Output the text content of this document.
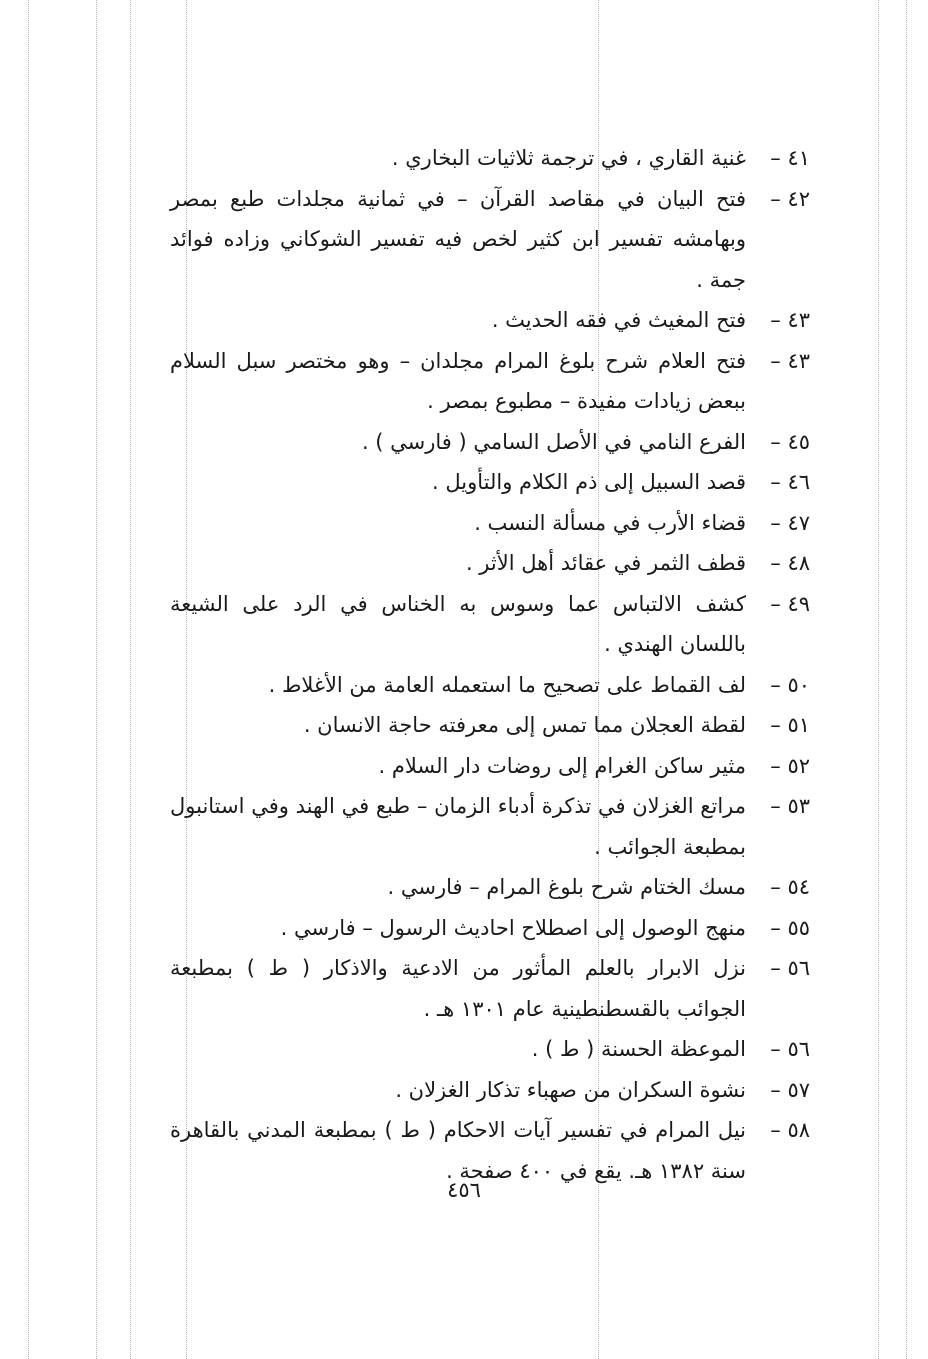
٤١ –
غنية القاري ، في ترجمة ثلاثيات البخاري .
٤٢ –
فتح البيان في مقاصد القرآن – في ثمانية مجلدات طبع بمصر وبهامشه تفسير ابن كثير لخص فيه تفسير الشوكاني وزاده فوائد جمة .
٤٣ –
فتح المغيث في فقه الحديث .
٤٣ –
فتح العلام شرح بلوغ المرام مجلدان – وهو مختصر سبل السلام ببعض زيادات مفيدة – مطبوع بمصر .
٤٥ –
الفرع النامي في الأصل السامي ( فارسي ) .
٤٦ –
قصد السبيل إلى ذم الكلام والتأويل .
٤٧ –
قضاء الأرب في مسألة النسب .
٤٨ –
قطف الثمر في عقائد أهل الأثر .
٤٩ –
كشف الالتباس عما وسوس به الخناس في الرد على الشيعة باللسان الهندي .
٥٠ –
لف القماط على تصحيح ما استعمله العامة من الأغلاط .
٥١ –
لقطة العجلان مما تمس إلى معرفته حاجة الانسان .
٥٢ –
مثير ساكن الغرام إلى روضات دار السلام .
٥٣ –
مراتع الغزلان في تذكرة أدباء الزمان – طبع في الهند وفي استانبول بمطبعة الجوائب .
٥٤ –
مسك الختام شرح بلوغ المرام – فارسي .
٥٥ –
منهج الوصول إلى اصطلاح احاديث الرسول – فارسي .
٥٦ –
نزل الابرار بالعلم المأثور من الادعية والاذكار ( ط ) بمطبعة الجوائب بالقسطنطينية عام ١٣٠١ هـ .
٥٦ –
الموعظة الحسنة ( ط ) .
٥٧ –
نشوة السكران من صهباء تذكار الغزلان .
٥٨ –
نيل المرام في تفسير آيات الاحكام ( ط ) بمطبعة المدني بالقاهرة سنة ١٣٨٢ هـ. يقع في ٤٠٠ صفحة .
٤٥٦
